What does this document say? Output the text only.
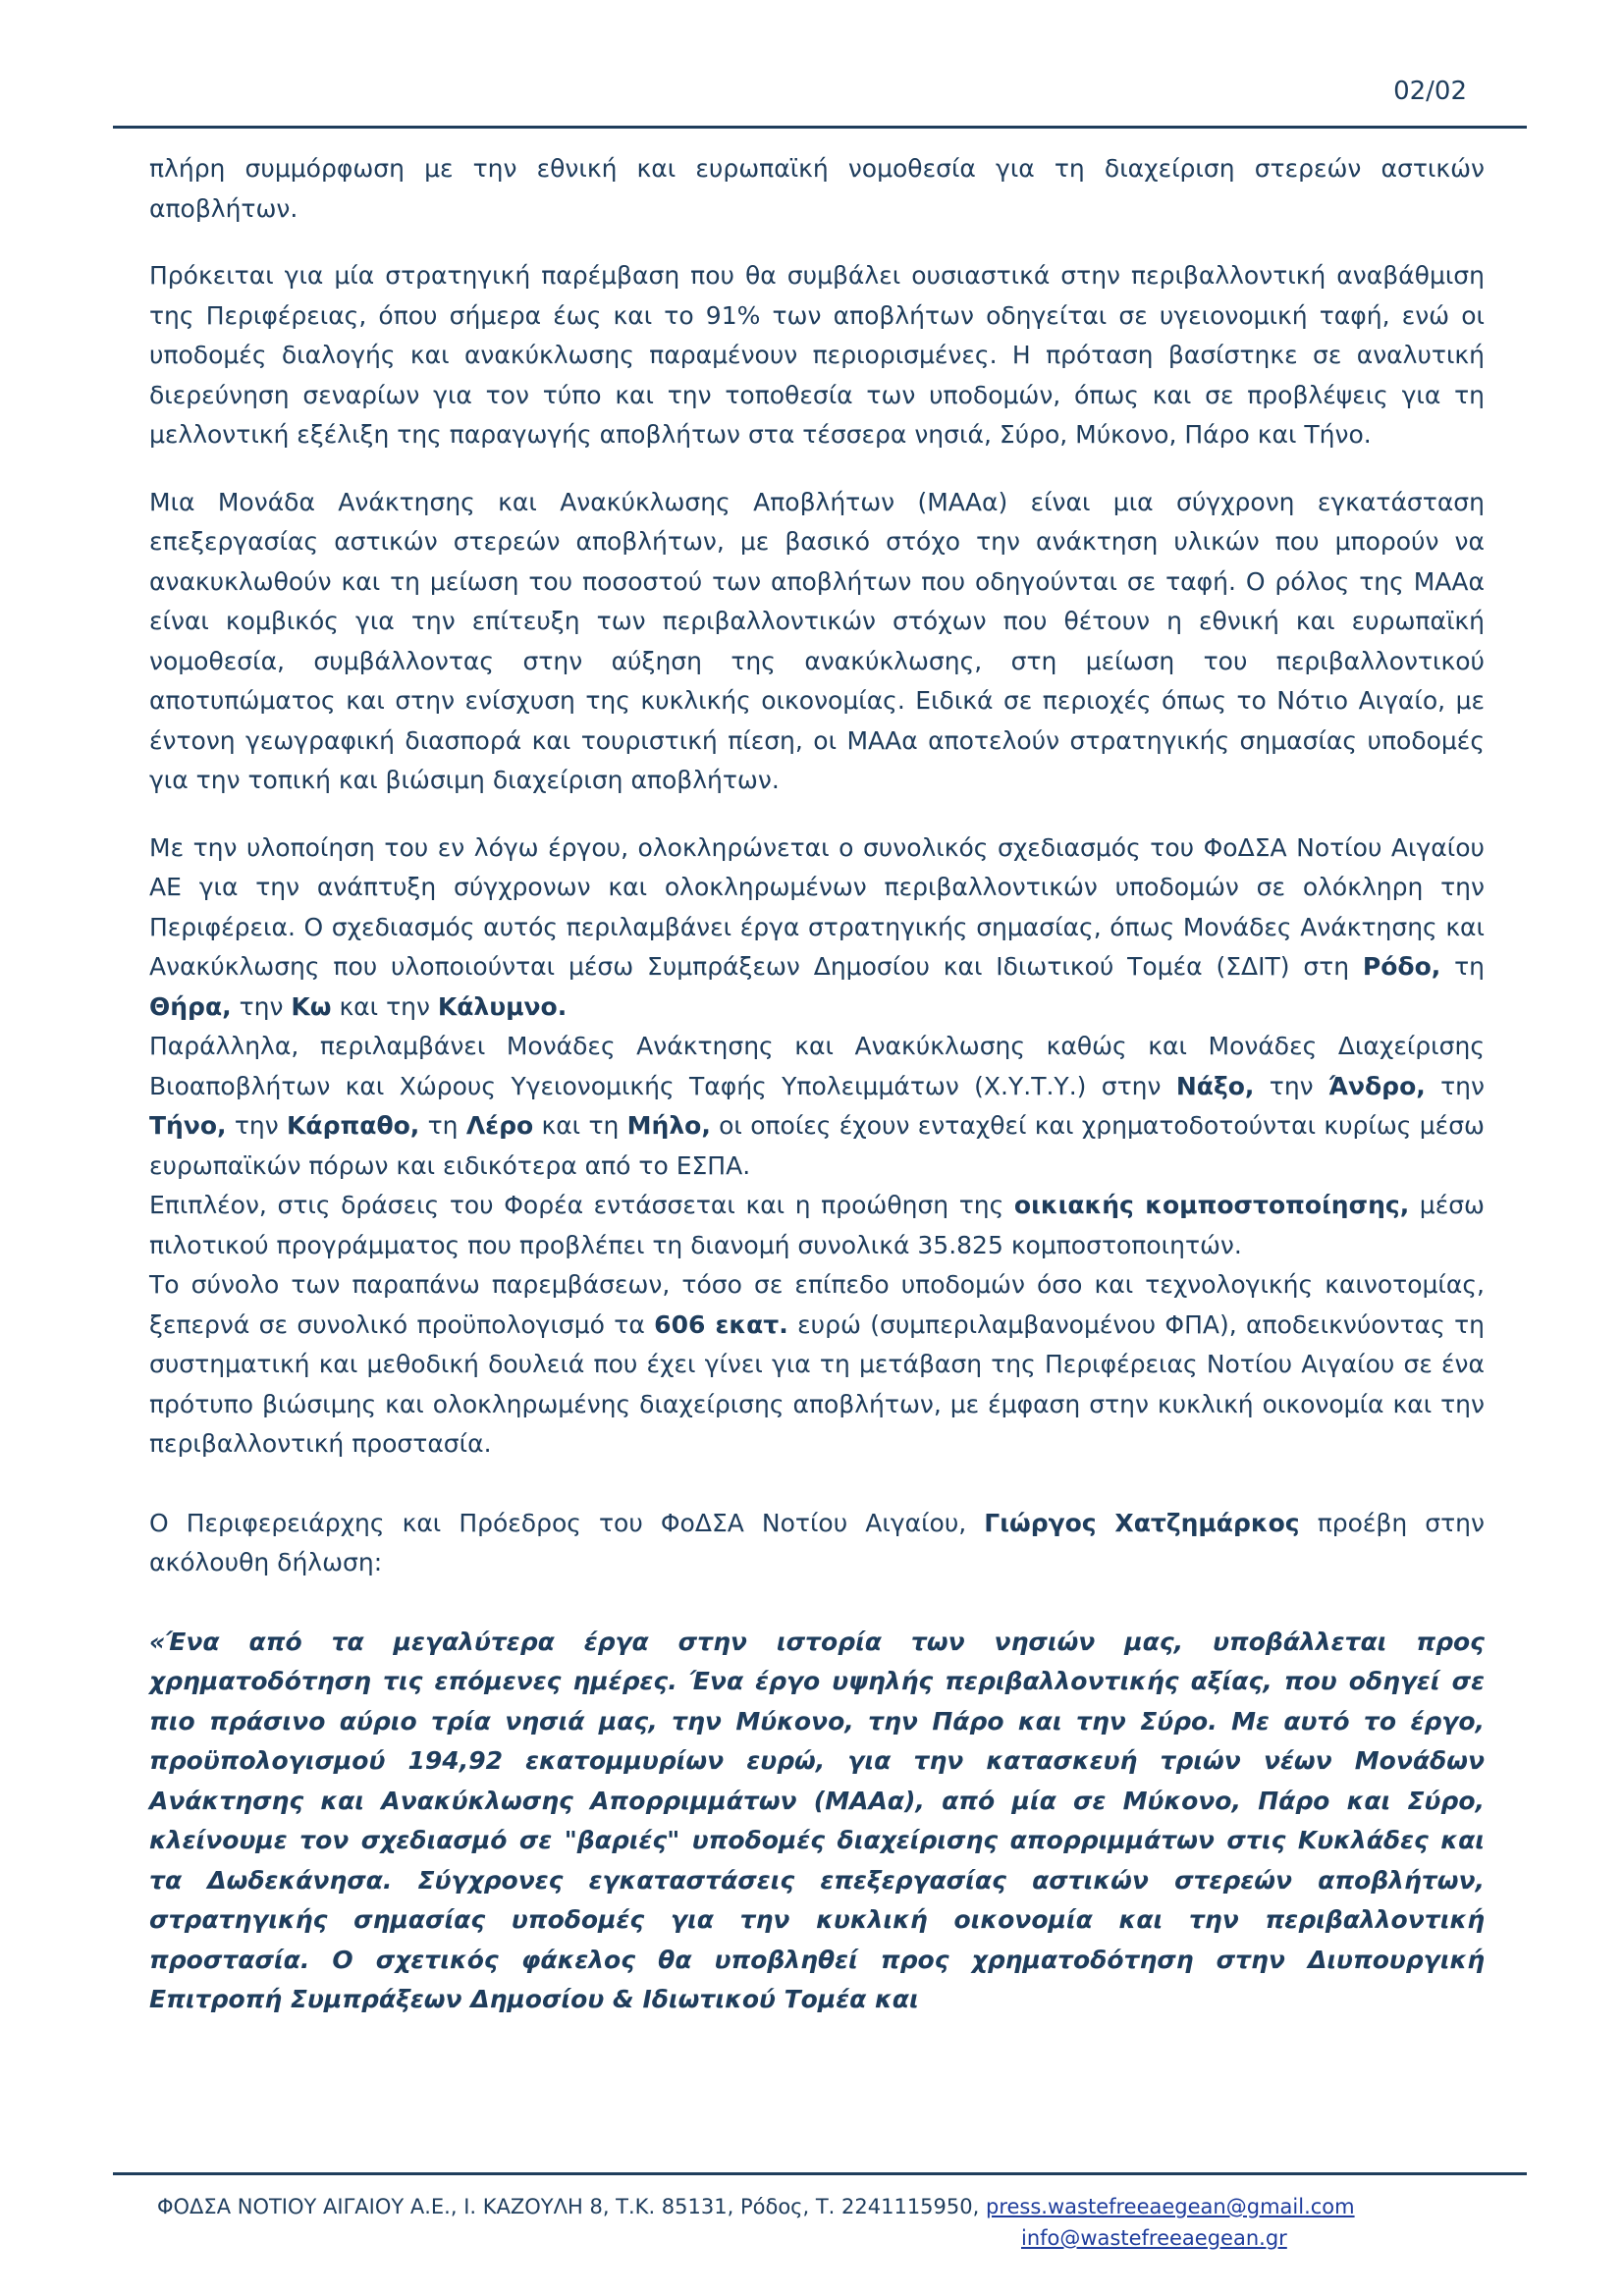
02/02

πλήρη συμμόρφωση με την εθνική και ευρωπαϊκή νομοθεσία για τη διαχείριση στερεών αστικών αποβλήτων.

Πρόκειται για μία στρατηγική παρέμβαση που θα συμβάλει ουσιαστικά στην περιβαλλοντική αναβάθμιση της Περιφέρειας, όπου σήμερα έως και το 91% των αποβλήτων οδηγείται σε υγειονομική ταφή, ενώ οι υποδομές διαλογής και ανακύκλωσης παραμένουν περιορισμένες. Η πρόταση βασίστηκε σε αναλυτική διερεύνηση σεναρίων για τον τύπο και την τοποθεσία των υποδομών, όπως και σε προβλέψεις για τη μελλοντική εξέλιξη της παραγωγής αποβλήτων στα τέσσερα νησιά, Σύρο, Μύκονο, Πάρο και Τήνο.

Μια Μονάδα Ανάκτησης και Ανακύκλωσης Αποβλήτων (ΜΑΑα) είναι μια σύγχρονη εγκατάσταση επεξεργασίας αστικών στερεών αποβλήτων, με βασικό στόχο την ανάκτηση υλικών που μπορούν να ανακυκλωθούν και τη μείωση του ποσοστού των αποβλήτων που οδηγούνται σε ταφή. Ο ρόλος της ΜΑΑα είναι κομβικός για την επίτευξη των περιβαλλοντικών στόχων που θέτουν η εθνική και ευρωπαϊκή νομοθεσία, συμβάλλοντας στην αύξηση της ανακύκλωσης, στη μείωση του περιβαλλοντικού αποτυπώματος και στην ενίσχυση της κυκλικής οικονομίας. Ειδικά σε περιοχές όπως το Νότιο Αιγαίο, με έντονη γεωγραφική διασπορά και τουριστική πίεση, οι ΜΑΑα αποτελούν στρατηγικής σημασίας υποδομές για την τοπική και βιώσιμη διαχείριση αποβλήτων.

Με την υλοποίηση του εν λόγω έργου, ολοκληρώνεται ο συνολικός σχεδιασμός του ΦοΔΣΑ Νοτίου Αιγαίου ΑΕ για την ανάπτυξη σύγχρονων και ολοκληρωμένων περιβαλλοντικών υποδομών σε ολόκληρη την Περιφέρεια. Ο σχεδιασμός αυτός περιλαμβάνει έργα στρατηγικής σημασίας, όπως Μονάδες Ανάκτησης και Ανακύκλωσης που υλοποιούνται μέσω Συμπράξεων Δημοσίου και Ιδιωτικού Τομέα (ΣΔΙΤ) στη Ρόδο, τη Θήρα, την Κω και την Κάλυμνο.

Παράλληλα, περιλαμβάνει Μονάδες Ανάκτησης και Ανακύκλωσης καθώς και Μονάδες Διαχείρισης Βιοαποβλήτων και Χώρους Υγειονομικής Ταφής Υπολειμμάτων (Χ.Υ.Τ.Υ.) στην Νάξο, την Άνδρο, την Τήνο, την Κάρπαθο, τη Λέρο και τη Μήλο, οι οποίες έχουν ενταχθεί και χρηματοδοτούνται κυρίως μέσω ευρωπαϊκών πόρων και ειδικότερα από το ΕΣΠΑ.

Επιπλέον, στις δράσεις του Φορέα εντάσσεται και η προώθηση της οικιακής κομποστοποίησης, μέσω πιλοτικού προγράμματος που προβλέπει τη διανομή συνολικά 35.825 κομποστοποιητών.

Το σύνολο των παραπάνω παρεμβάσεων, τόσο σε επίπεδο υποδομών όσο και τεχνολογικής καινοτομίας, ξεπερνά σε συνολικό προϋπολογισμό τα 606 εκατ. ευρώ (συμπεριλαμβανομένου ΦΠΑ), αποδεικνύοντας τη συστηματική και μεθοδική δουλειά που έχει γίνει για τη μετάβαση της Περιφέρειας Νοτίου Αιγαίου σε ένα πρότυπο βιώσιμης και ολοκληρωμένης διαχείρισης αποβλήτων, με έμφαση στην κυκλική οικονομία και την περιβαλλοντική προστασία.

Ο Περιφερειάρχης και Πρόεδρος του ΦοΔΣΑ Νοτίου Αιγαίου, Γιώργος Χατζημάρκος προέβη στην ακόλουθη δήλωση:

«Ένα από τα μεγαλύτερα έργα στην ιστορία των νησιών μας, υποβάλλεται προς χρηματοδότηση τις επόμενες ημέρες. Ένα έργο υψηλής περιβαλλοντικής αξίας, που οδηγεί σε πιο πράσινο αύριο τρία νησιά μας, την Μύκονο, την Πάρο και την Σύρο. Με αυτό το έργο, προϋπολογισμού 194,92 εκατομμυρίων ευρώ, για την κατασκευή τριών νέων Μονάδων Ανάκτησης και Ανακύκλωσης Απορριμμάτων (ΜΑΑα), από μία σε Μύκονο, Πάρο και Σύρο, κλείνουμε τον σχεδιασμό σε "βαριές" υποδομές διαχείρισης απορριμμάτων στις Κυκλάδες και τα Δωδεκάνησα. Σύγχρονες εγκαταστάσεις επεξεργασίας αστικών στερεών αποβλήτων, στρατηγικής σημασίας υποδομές για την κυκλική οικονομία και την περιβαλλοντική προστασία. Ο σχετικός φάκελος θα υποβληθεί προς χρηματοδότηση στην Διυπουργική Επιτροπή Συμπράξεων Δημοσίου & Ιδιωτικού Τομέα και

ΦΟΔΣΑ ΝΟΤΙΟΥ ΑΙΓΑΙΟΥ Α.Ε., Ι. ΚΑΖΟΥΛΗ 8, Τ.Κ. 85131, Ρόδος, Τ. 2241115950, press.wastefreeaegean@gmail.com
info@wastefreeaegean.gr
